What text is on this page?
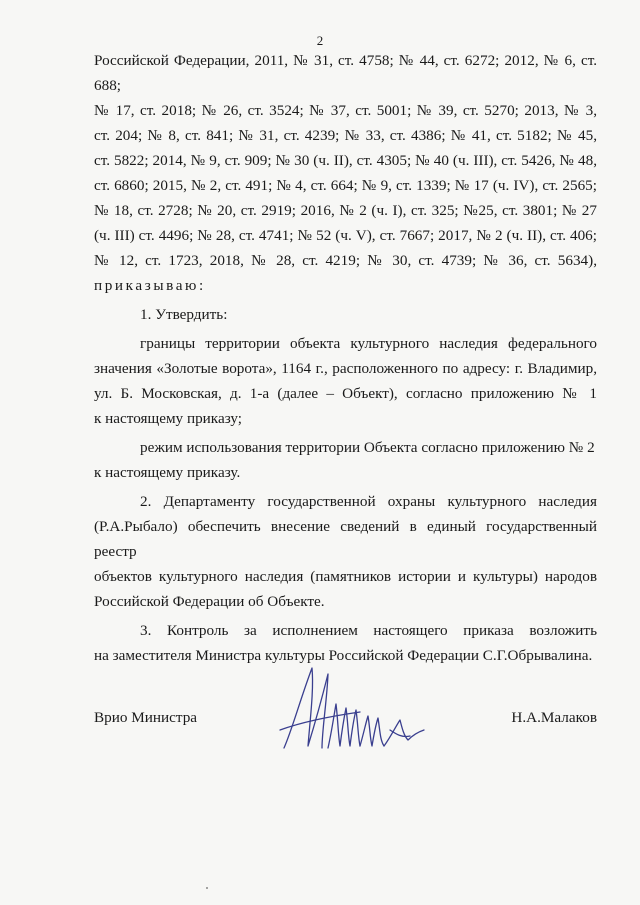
2

Российской Федерации, 2011, № 31, ст. 4758; № 44, ст. 6272; 2012, № 6, ст. 688;

№ 17, ст. 2018; № 26, ст. 3524; № 37, ст. 5001; № 39, ст. 5270; 2013, № 3,

ст. 204; № 8, ст. 841; № 31, ст. 4239; № 33, ст. 4386; № 41, ст. 5182; № 45,

ст. 5822; 2014, № 9, ст. 909; № 30 (ч. II), ст. 4305; № 40 (ч. III), ст. 5426, № 48,

ст. 6860; 2015, № 2, ст. 491; № 4, ст. 664; № 9, ст. 1339; № 17 (ч. IV), ст. 2565;

№ 18, ст. 2728; № 20, ст. 2919; 2016, № 2 (ч. I), ст. 325; №25, ст. 3801; № 27

(ч. III) ст. 4496; № 28, ст. 4741; № 52 (ч. V), ст. 7667; 2017, № 2 (ч. II), ст. 406;

№ 12, ст. 1723, 2018, № 28, ст. 4219; № 30, ст. 4739; № 36, ст. 5634),

приказываю:

1. Утвердить:

границы территории объекта культурного наследия федерального

значения «Золотые ворота», 1164 г., расположенного по адресу: г. Владимир,

ул. Б. Московская, д. 1-а (далее – Объект), согласно приложению № 1

к настоящему приказу;

режим использования территории Объекта согласно приложению № 2

к настоящему приказу.

2. Департаменту государственной охраны культурного наследия

(Р.А.Рыбало) обеспечить внесение сведений в единый государственный реестр

объектов культурного наследия (памятников истории и культуры) народов

Российской Федерации об Объекте.

3. Контроль за исполнением настоящего приказа возложить

на заместителя Министра культуры Российской Федерации С.Г.Обрывалина.

Врио Министра	Н.А.Малаков
